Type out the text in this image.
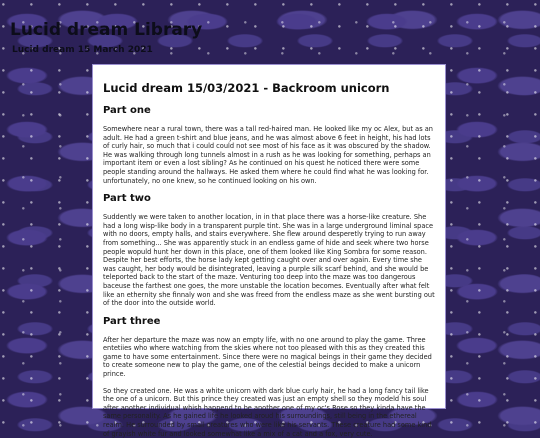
Lucid dream Library
Lucid dream 15 March 2021
Lucid dream 15/03/2021 - Backroom unicorn
Part one

Somewhere near a rural town, there was a tall red-haired man. He looked like my oc Alex, but as an adult. He had a green t-shirt and blue jeans, and he was almost above 6 feet in height, his had lots of curly hair, so much that i could could not see most of his face as it was obscured by the shadow. He was walking through long tunnels almost in a rush as he was looking for something, perhaps an important item or even a lost sibling? As he continued on his quest he noticed there were some people standing around the hallways. He asked them where he could find what he was looking for. unfortunately, no one knew, so he continued looking on his own.

Part two

Suddently we were taken to another location, in in that place there was a horse-like creature. She had a long wisp-like body in a transparent purple tint. She was in a large underground liminal space with no doors, empty halls, and stairs everywhere. She flew around desperetly trying to run away from something... She was apparently stuck in an endless game of hide and seek where two horse people wopuld hunt her down in this place, one of them looked like King Sombra for some reason. Despite her best efforts, the horse lady kept getting caught over and over again. Every time she was caught, her body would be disintegrated, leaving a purple silk scarf behind, and she would be teleported back to the start of the maze. Venturing too deep into the maze was too dangerous baceuse the farthest one goes, the more unstable the location becomes. Eventually after what felt like an ethernity she finnaly won and she was freed from the endless maze as she went bursting out of the door into the outside world.

Part three

After her departure the maze was now an empty life, with no one around to play the game. Three entetiies who where watching from the skies where not too pleased with this as they created this game to have some entertainment. Since there were no magical beings in their game they decided to create someone new to play the game, one of the celestial beings decided to make a unicorn prince.

So they created one. He was a white unicorn with dark blue curly hair, he had a long fancy tail like the one of a unicorn. But this prince they created was just an empty shell so they modeld his soul after another individual whish happend to be another one of my oc's Rose so they kinda have the same personality. As he gained life he looked aroud his surroundings, still being in the ethereal realm. He surrounded by small creatures who were like his servants. These creature had some kind of grayish white fur and looked somewhat like a mix of a cat and a fox, very cute.
